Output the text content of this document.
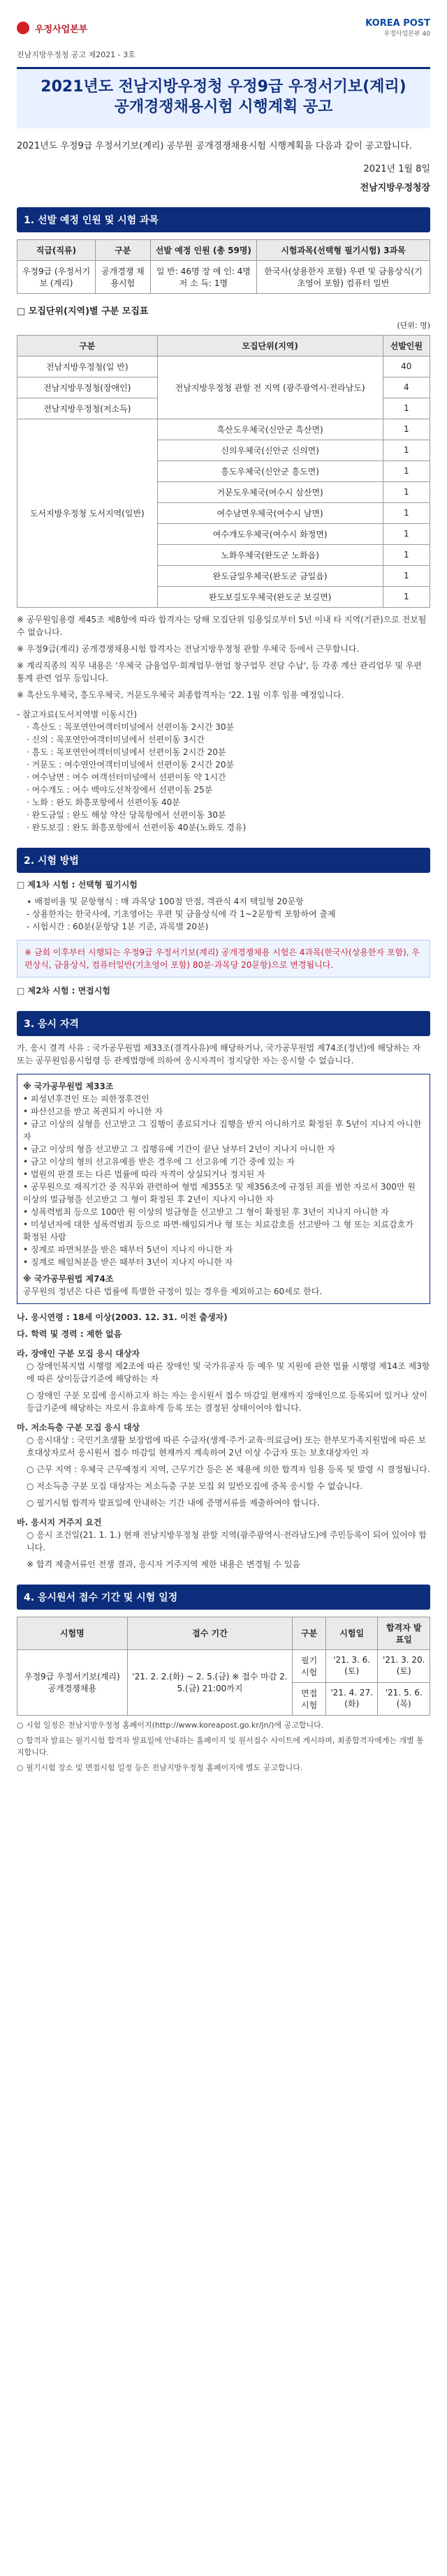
우정사업본부
KOREA POST
우정사업본부 40
전남지방우정청 공고 제2021 - 3호
2021년도 전남지방우정청 우정9급 우정서기보(계리)
공개경쟁채용시험 시행계획 공고
2021년도 우정9급 우정서기보(계리) 공무원 공개경쟁채용시험 시행계획을 다음과 같이 공고합니다.
2021년 1월 8일
전남지방우정청장
1. 선발 예정 인원 및 시험 과목
직급(직류)	구분	선발 예정 인원 (총 59명)	시험과목(선택형 필기시험) 3과목
우정9급 (우정서기보 (계리)	공개경쟁 채용시험	일 반: 46명 장 애 인: 4명 저 소 득: 1명	한국사(상용한자 포함) 우편 및 금융상식(기초영어 포함) 컴퓨터 일반
□ 모집단위(지역)별 구분 모집표
(단위: 명)
구분	모집단위(지역)	선발인원
전남지방우정청(일 반)	전남지방우정청 관할 전 지역 (광주광역시·전라남도)	40
전남지방우정청(장애인)		4
전남지방우정청(저소득)		1
도서지방우정청 도서지역(일반)	흑산도우체국(신안군 흑산면)	1
	신의우체국(신안군 신의면)	1
	흥도우체국(신안군 흥도면)	1
	거문도우체국(여수시 삼산면)	1
	여수남면우체국(여수시 남면)	1
	여수개도우체국(여수시 화정면)	1
	노화우체국(완도군 노화읍)	1
	완도금일우체국(완도군 금일읍)	1
	완도보길도우체국(완도군 보길면)	1
※ 공무원임용령 제45조 제8항에 따라 합격자는 당해 모집단위 임용일로부터 5년 이내 타 지역(기관)으로 전보될 수 없습니다.
※ 우정9급(계리) 공개경쟁채용시험 합격자는 전남지방우정청 관할 우체국 등에서 근무합니다.
※ 계리직종의 직무 내용은 '우체국 금융업무·회계업무·현업 창구업무 전담 수납', 등 각종 계산 관리업무 및 우편 통계 관련 업무 등입니다.
※ 흑산도우체국, 흥도우체국, 거문도우체국 최종합격자는 '22. 1월 이후 임용 예정입니다.
- 참고자료(도서지역별 이동시간)
· 흑산도 : 목포연안여객터미널에서 선편이동 2시간 30분
· 신의 : 목포연안여객터미널에서 선편이동 3시간
· 흥도 : 목포연안여객터미널에서 선편이동 2시간 20분
· 거문도 : 여수연안여객터미널에서 선편이동 2시간 20분
· 여수남면 : 여수 여객선터미널에서 선편이동 약 1시간
· 여수개도 : 여수 백야도선착장에서 선편이동 25분
· 노화 : 완도 화흥포항에서 선편이동 40분
· 완도금일 : 완도 해상 약산 당목항에서 선편이동 30분
· 완도보길 : 완도 화흥포항에서 선편이동 40분(노화도 경유)
2. 시험 방법
□ 제1차 시험 : 선택형 필기시험
∙ 배점비율 및 문항형식 : 매 과목당 100점 만점, 객관식 4지 택일형 20문항
- 상용한자는 한국사에, 기초영어는 우편 및 금융상식에 각 1~2문항씩 포함하여 출제
- 시험시간 : 60분(문항당 1분 기준, 과목별 20분)
※ 금회 이후부터 시행되는 우정9급 우정서기보(계리) 공개경쟁채용 시험은 4과목(한국사(상용한자 포함), 우편상식, 금융상식, 컴퓨터일반(기초영어 포함) 80분·과목당 20문항)으로 변경됩니다.
□ 제2차 시험 : 면접시험
3. 응시 자격
가. 응시 결격 사유 : 국가공무원법 제33조(결격사유)에 해당하거나, 국가공무원법 제74조(정년)에 해당하는 자 또는 공무원임용시험령 등 관계법령에 의하여 응시자격이 정지당한 자는 응시할 수 없습니다.
※ 국가공무원법 제33조
• 피성년후견인 또는 피한정후견인
• 파산선고를 받고 복권되지 아니한 자
• 금고 이상의 실형을 선고받고 그 집행이 종료되거나 집행을 받지 아니하기로 확정된 후 5년이 지나지 아니한 자
• 금고 이상의 형을 선고받고 그 집행유예 기간이 끝난 날부터 2년이 지나지 아니한 자
• 금고 이상의 형의 선고유예를 받은 경우에 그 선고유예 기간 중에 있는 자
• 법원의 판결 또는 다른 법률에 따라 자격이 상실되거나 정지된 자
• 공무원으로 재직기간 중 직무와 관련하여 형법 제355조 및 제356조에 규정된 죄를 범한 자로서 300만 원 이상의 벌금형을 선고받고 그 형이 확정된 후 2년이 지나지 아니한 자
• 성폭력범죄 등으로 100만 원 이상의 벌금형을 선고받고 그 형이 확정된 후 3년이 지나지 아니한 자
• 미성년자에 대한 성폭력범죄 등으로 파면·해임되거나 형 또는 치료감호를 선고받아 그 형 또는 치료감호가 확정된 사람
• 징계로 파면처분을 받은 때부터 5년이 지나지 아니한 자
• 징계로 해임처분을 받은 때부터 3년이 지나지 아니한 자
※ 국가공무원법 제74조
공무원의 정년은 다른 법률에 특별한 규정이 있는 경우를 제외하고는 60세로 한다.
나. 응시연령 : 18세 이상(2003. 12. 31. 이전 출생자)
다. 학력 및 경력 : 제한 없음
라. 장애인 구분 모집 응시 대상자
○ 장애인복지법 시행령 제2조에 따른 장애인 및 국가유공자 등 예우 및 지원에 관한 법률 시행령 제14조 제3항에 따른 상이등급기준에 해당하는 자
○ 장애인 구분 모집에 응시하고자 하는 자는 응시원서 접수 마감일 현재까지 장애인으로 등록되어 있거나 상이등급기준에 해당하는 자로서 유효하게 등록 또는 결정된 상태이어야 합니다.
마. 저소득층 구분 모집 응시 대상
○ 응시대상 : 국민기초생활 보장법에 따른 수급자(생계·주거·교육·의료급여) 또는 한부모가족지원법에 따른 보호대상자로서 응시원서 접수 마감일 현재까지 계속하여 2년 이상 수급자 또는 보호대상자인 자
○ 근무 지역 : 우체국 근무예정지 지역, 근무기간 등은 본 채용에 의한 합격자 임용 등록 및 발령 시 결정됩니다.
○ 저소득층 구분 모집 대상자는 저소득층 구분 모집 외 일반모집에 중복 응시할 수 없습니다.
○ 필기시험 합격자 발표일에 안내하는 기간 내에 증명서류를 제출하여야 합니다.
바. 응시지 거주지 요건
○ 응시 조건일(21. 1. 1.) 현재 전남지방우정청 관할 지역(광주광역시·전라남도)에 주민등록이 되어 있어야 합니다.
※ 합격 제출서류인 전쟁 결과, 응시자 거주지역 제한 내용은 변경될 수 있음
4. 응시원서 접수 기간 및 시험 일정
시험명	접수 기간	구분	시험일	합격자 발표일
우정9급 우정서기보(계리) 공개경쟁채용	'21. 2. 2.(화) ~ 2. 5.(금) ※ 접수 마감 2. 5.(금) 21:00까지	필기시험	'21. 3. 6.(토)	'21. 3. 20.(토)
		면접시험	'21. 4. 27.(화)	'21. 5. 6.(목)
○ 시험 일정은 전남지방우정청 홈페이지(http://www.koreapost.go.kr/jn/)에 공고합니다.
○ 합격자 발표는 필기시험 합격자 발표일에 안내하는 홈페이지 및 원서접수 사이트에 게시하며, 최종합격자에게는 개별 통지합니다.
○ 필기시험 장소 및 면접시험 일정 등은 전남지방우정청 홈페이지에 별도 공고합니다.
